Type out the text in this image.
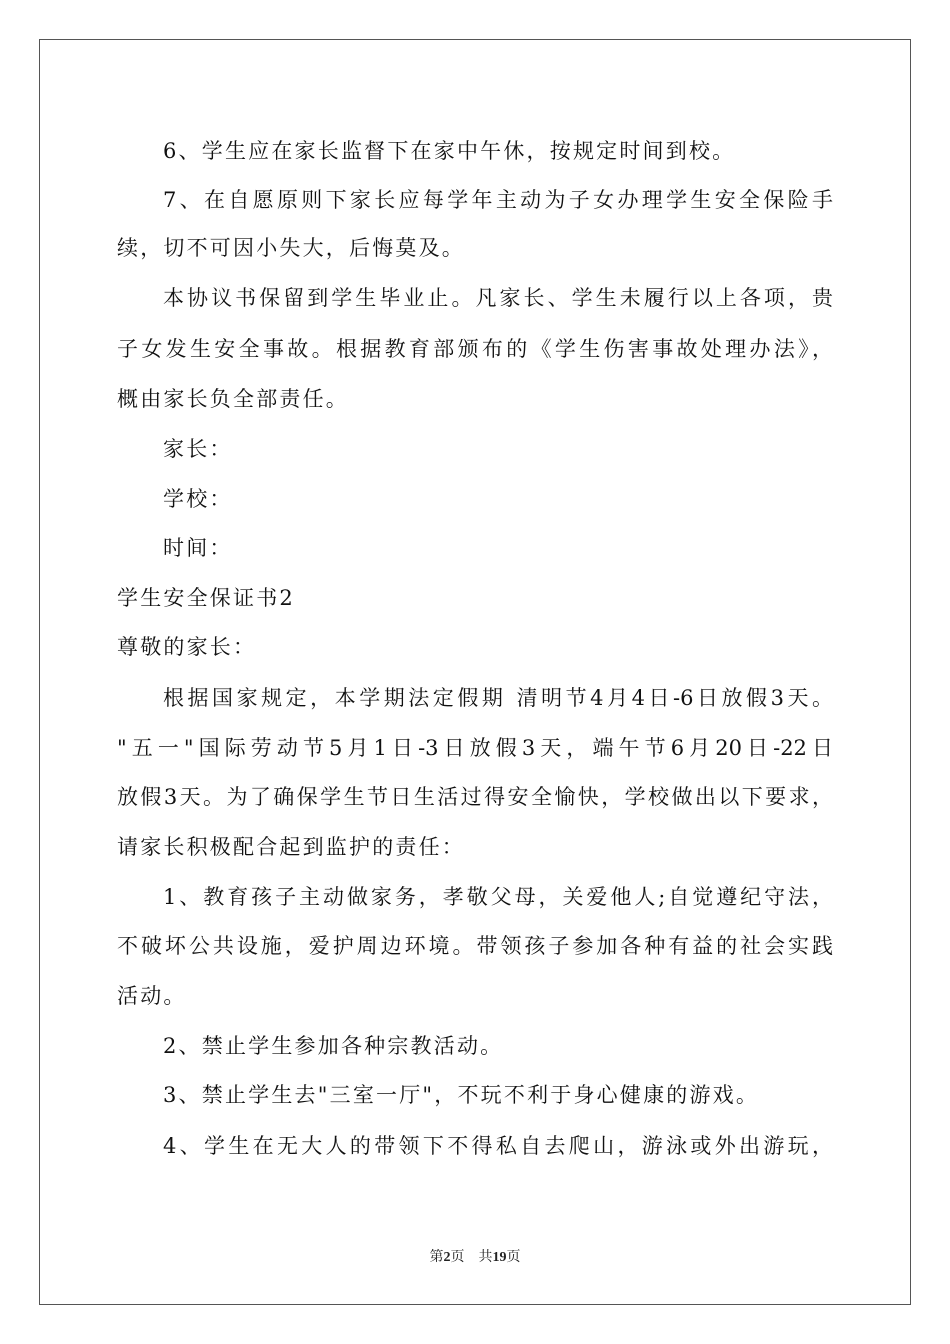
6、学生应在家长监督下在家中午休，按规定时间到校。

7、在自愿原则下家长应每学年主动为子女办理学生安全保险手

续，切不可因小失大，后悔莫及。

本协议书保留到学生毕业止。凡家长、学生未履行以上各项，贵

子女发生安全事故。根据教育部颁布的《学生伤害事故处理办法》，

概由家长负全部责任。

家长：

学校：

时间：

学生安全保证书2

尊敬的家长：

根据国家规定，本学期法定假期 清明节4月4日-6日放假3天。

"五一"国际劳动节5月1日-3日放假3天，端午节6月20日-22日

放假3天。为了确保学生节日生活过得安全愉快，学校做出以下要求，

请家长积极配合起到监护的责任：

1、教育孩子主动做家务，孝敬父母，关爱他人;自觉遵纪守法，

不破坏公共设施，爱护周边环境。带领孩子参加各种有益的社会实践

活动。

2、禁止学生参加各种宗教活动。

3、禁止学生去"三室一厅"，不玩不利于身心健康的游戏。

4、学生在无大人的带领下不得私自去爬山，游泳或外出游玩，

第2页　共19页
